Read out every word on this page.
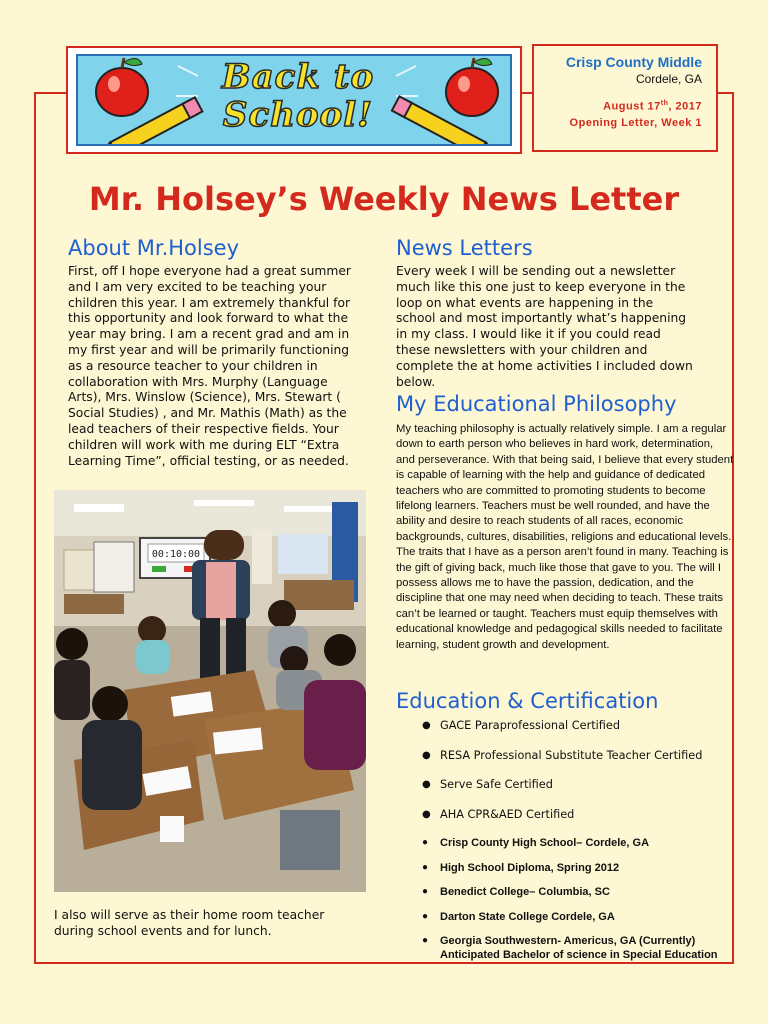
Back to
School!
Crisp County Middle
Cordele, GA
August 17th, 2017
Opening Letter, Week 1
Mr. Holsey’s Weekly News Letter
About Mr.Holsey
First, off I hope everyone had a great summer and I am very excited to be teaching your children this year. I am extremely thankful for this opportunity and look forward to what the year may bring. I am a recent grad and am in my first year and will be primarily functioning as a resource teacher to your children in collaboration with Mrs. Murphy (Language Arts), Mrs. Winslow (Science), Mrs. Stewart ( Social Studies) , and Mr. Mathis (Math) as the lead teachers of their respective fields. Your children will work with me during ELT “Extra Learning Time”, official testing, or as needed.
00:10:00
I also will serve as their home room teacher during school events and for lunch.
News Letters
Every week I will be sending out a newsletter much like this one just to keep everyone in the loop on what events are happening in the school and most importantly what’s happening in my class. I would like it if you could read these newsletters with your children and complete the at home activities I included down below.
My Educational Philosophy
My teaching philosophy is actually relatively simple. I am a regular down to earth person who believes in hard work, determination, and perseverance. With that being said, I believe that every student is capable of learning with the help and guidance of dedicated teachers who are committed to promoting students to become lifelong learners. Teachers must be well rounded, and have the ability and desire to reach students of all races, economic backgrounds, cultures, disabilities, religions and educational levels. The traits that I have as a person aren’t found in many. Teaching is the gift of giving back, much like those that gave to you. The will I possess allows me to have the passion, dedication, and the discipline that one may need when deciding to teach. These traits can’t be learned or taught. Teachers must equip themselves with educational knowledge and pedagogical skills needed to facilitate learning, student growth and development.
Education & Certification
● GACE Paraprofessional Certified
● RESA Professional Substitute Teacher Certified
● Serve Safe Certified
● AHA CPR&AED Certified
● Crisp County High School– Cordele, GA
● High School Diploma, Spring 2012
● Benedict College– Columbia, SC
● Darton State College Cordele, GA
● Georgia Southwestern- Americus, GA (Currently)
Anticipated Bachelor of science in Special Education
